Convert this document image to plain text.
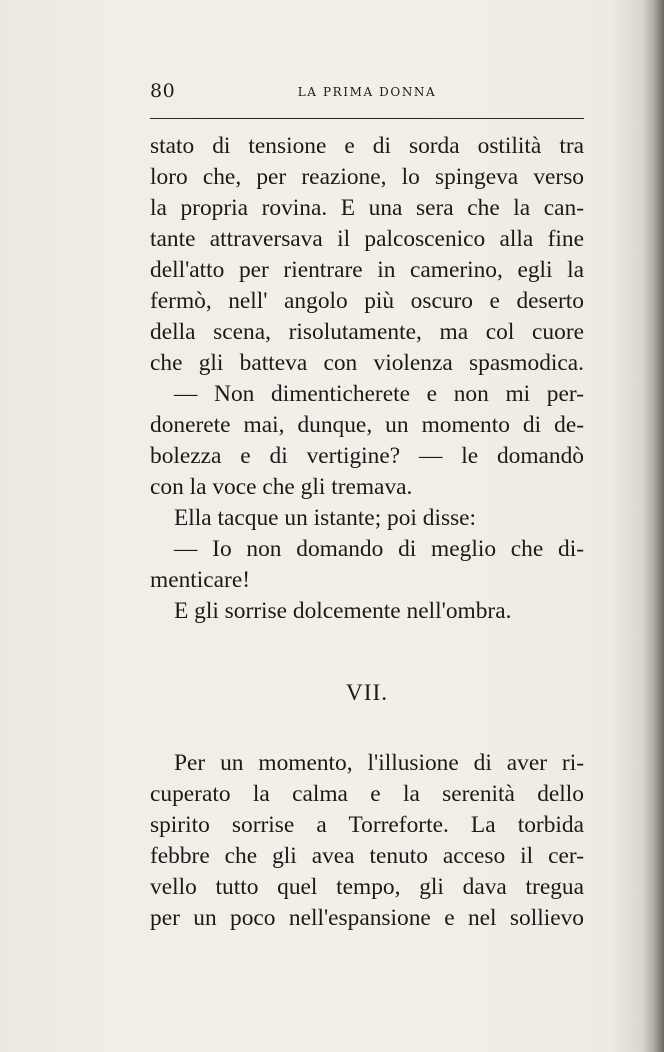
80	LA PRIMA DONNA
stato di tensione e di sorda ostilità tra
loro che, per reazione, lo spingeva verso
la propria rovina. E una sera che la can-
tante attraversava il palcoscenico alla fine
dell'atto per rientrare in camerino, egli la
fermò, nell' angolo più oscuro e deserto
della scena, risolutamente, ma col cuore
che gli batteva con violenza spasmodica.
— Non dimenticherete e non mi per-
donerete mai, dunque, un momento di de-
bolezza e di vertigine? — le domandò
con la voce che gli tremava.
Ella tacque un istante; poi disse:
— Io non domando di meglio che di-
menticare!
E gli sorrise dolcemente nell'ombra.
VII.
Per un momento, l'illusione di aver ri-
cuperato la calma e la serenità dello
spirito sorrise a Torreforte. La torbida
febbre che gli avea tenuto acceso il cer-
vello tutto quel tempo, gli dava tregua
per un poco nell'espansione e nel sollievo
